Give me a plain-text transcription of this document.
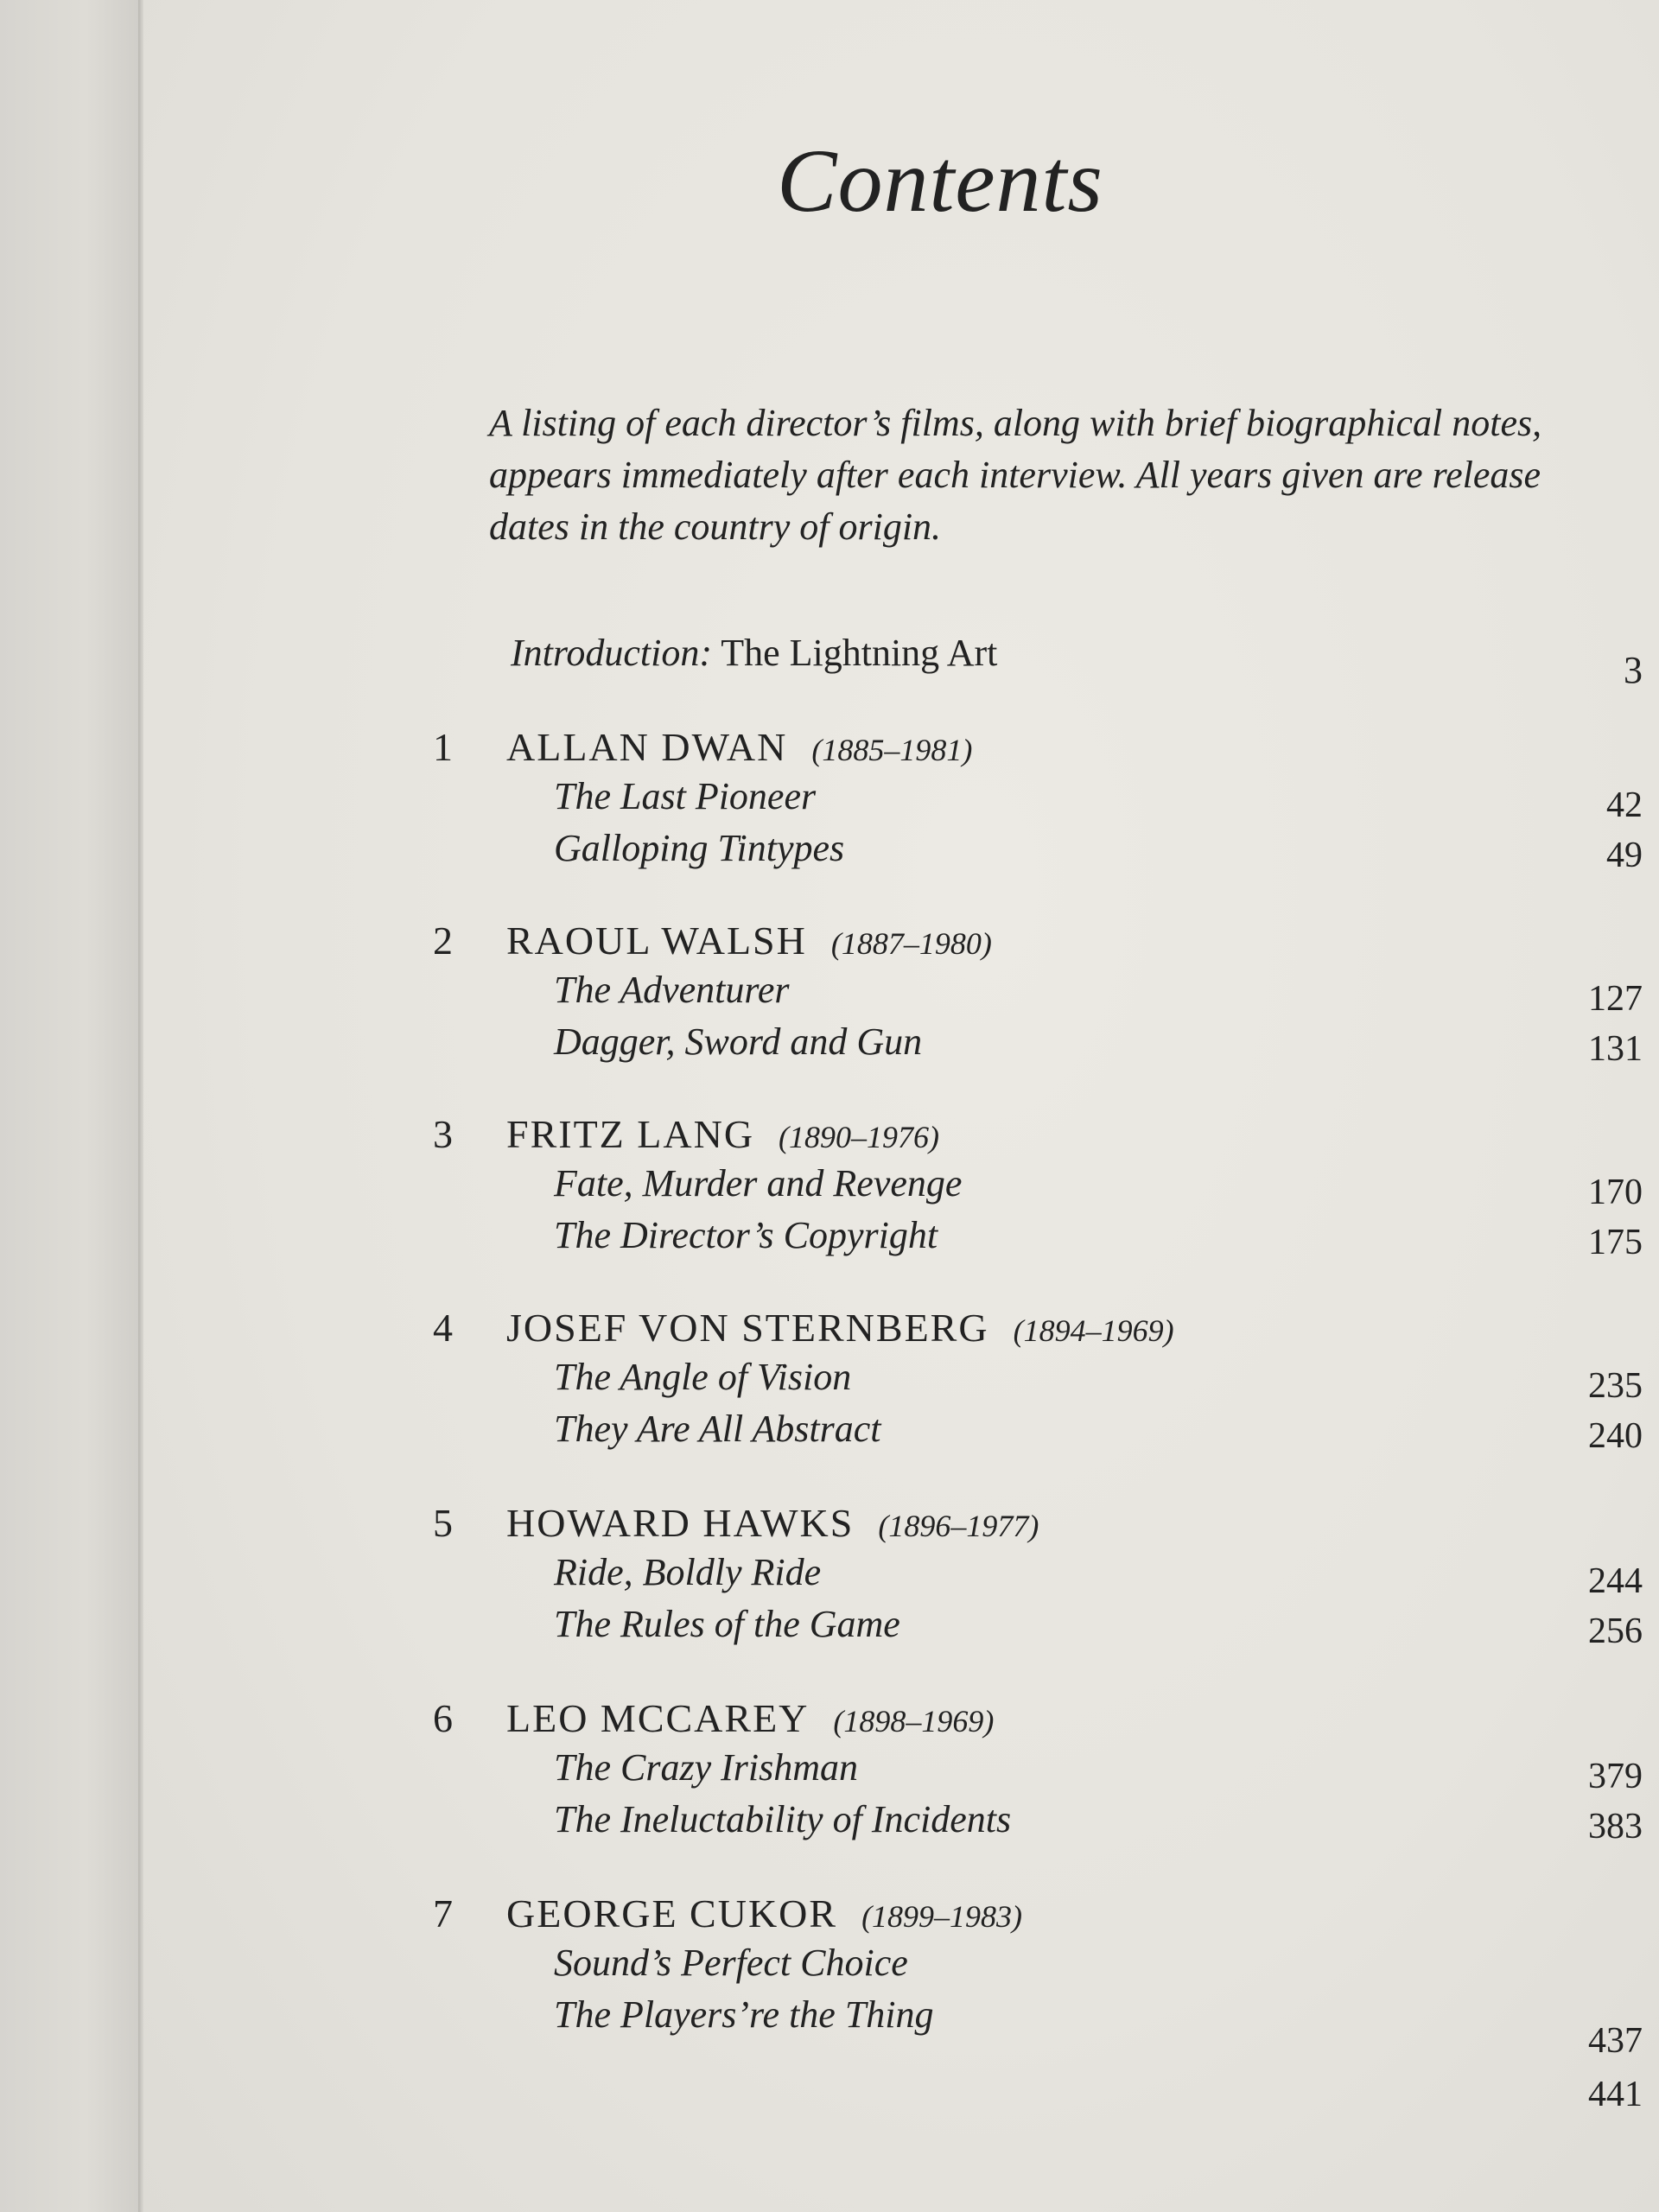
Contents
A listing of each director’s films, along with brief biographical notes, appears immediately after each interview. All years given are release dates in the country of origin.
Introduction: The Lightning Art	3
1 ALLAN DWAN (1885–1981)
The Last Pioneer
Galloping Tintypes
42
49
2 RAOUL WALSH (1887–1980)
The Adventurer
Dagger, Sword and Gun
127
131
3 FRITZ LANG (1890–1976)
Fate, Murder and Revenge
The Director’s Copyright
170
175
4 JOSEF VON STERNBERG (1894–1969)
The Angle of Vision
They Are All Abstract
235
240
5 HOWARD HAWKS (1896–1977)
Ride, Boldly Ride
The Rules of the Game
244
256
6 LEO MCCAREY (1898–1969)
The Crazy Irishman
The Ineluctability of Incidents
379
383
7 GEORGE CUKOR (1899–1983)
Sound’s Perfect Choice
The Players’re the Thing
437
441
